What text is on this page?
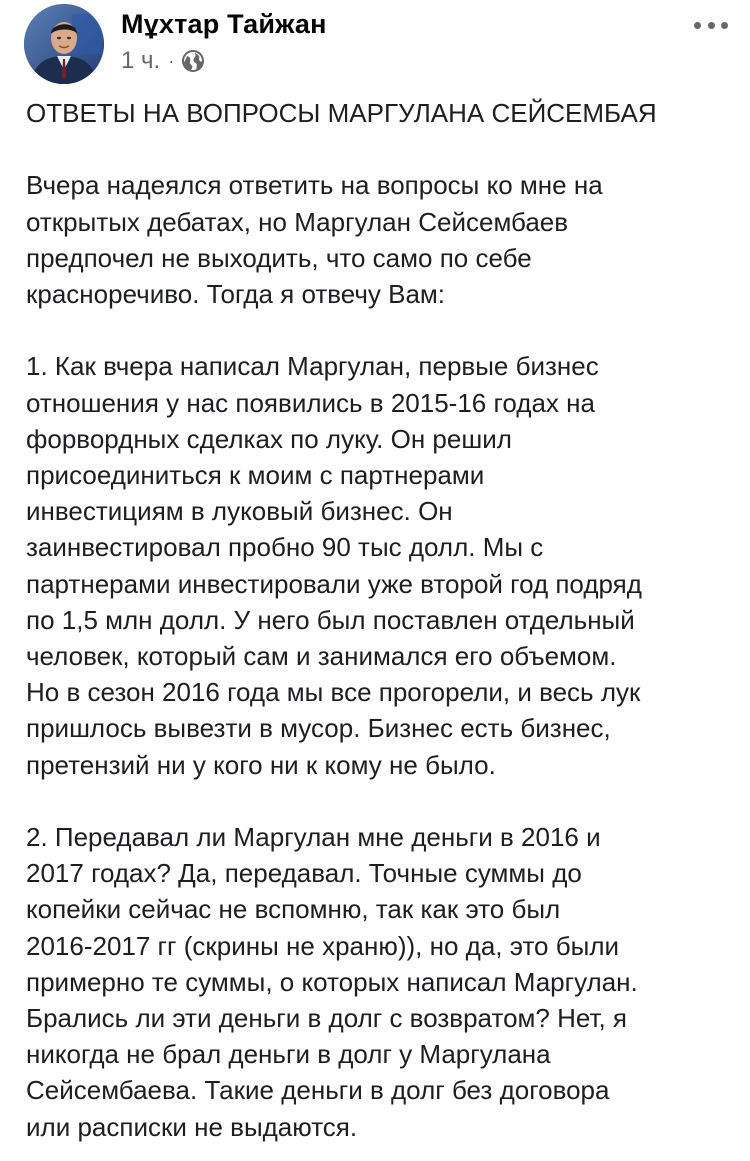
Мұхтар Тайжан
1 ч. ·

ОТВЕТЫ НА ВОПРОСЫ МАРГУЛАНА СЕЙСЕМБАЯ

Вчера надеялся ответить на вопросы ко мне на
открытых дебатах, но Маргулан Сейсембаев
предпочел не выходить, что само по себе
красноречиво. Тогда я отвечу Вам:

1. Как вчера написал Маргулан, первые бизнес
отношения у нас появились в 2015-16 годах на
форвордных сделках по луку. Он решил
присоединиться к моим с партнерами
инвестициям в луковый бизнес. Он
заинвестировал пробно 90 тыс долл. Мы с
партнерами инвестировали уже второй год подряд
по 1,5 млн долл. У него был поставлен отдельный
человек, который сам и занимался его объемом.
Но в сезон 2016 года мы все прогорели, и весь лук
пришлось вывезти в мусор. Бизнес есть бизнес,
претензий ни у кого ни к кому не было.

2. Передавал ли Маргулан мне деньги в 2016 и
2017 годах? Да, передавал. Точные суммы до
копейки сейчас не вспомню, так как это был
2016-2017 гг (скрины не храню)), но да, это были
примерно те суммы, о которых написал Маргулан.
Брались ли эти деньги в долг с возвратом? Нет, я
никогда не брал деньги в долг у Маргулана
Сейсембаева. Такие деньги в долг без договора
или расписки не выдаются.
